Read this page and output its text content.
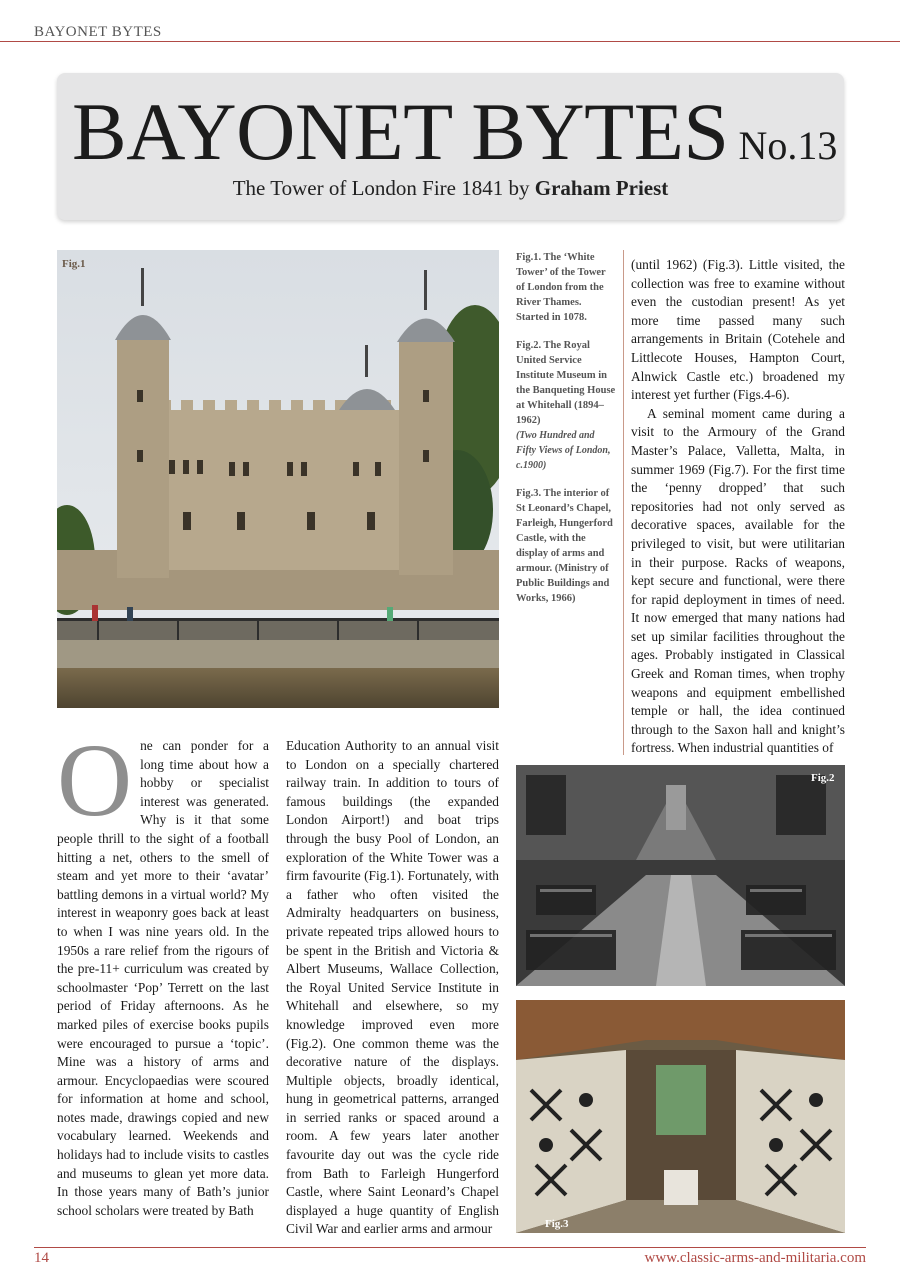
BAYONET BYTES
BAYONET BYTES No.13
The Tower of London Fire 1841 by Graham Priest
Fig.1

Fig.1. The ‘White Tower’ of the Tower of London from the River Thames. Started in 1078.

Fig.2. The Royal United Service Institute Museum in the Banqueting House at Whitehall (1894–1962)
(Two Hundred and Fifty Views of London, c.1900)

Fig.3. The interior of St Leonard’s Chapel, Farleigh, Hungerford Castle, with the display of arms and armour. (Ministry of Public Buildings and Works, 1966)

(until 1962) (Fig.3). Little visited, the collection was free to examine without even the custodian present! As yet more time passed many such arrangements in Britain (Cotehele and Littlecote Houses, Hampton Court, Alnwick Castle etc.) broadened my interest yet further (Figs.4-6).

A seminal moment came during a visit to the Armoury of the Grand Master’s Palace, Valletta, Malta, in summer 1969 (Fig.7). For the first time the ‘penny dropped’ that such repositories had not only served as decorative spaces, available for the privileged to visit, but were utilitarian in their purpose. Racks of weapons, kept secure and functional, were there for rapid deployment in times of need. It now emerged that many nations had set up similar facilities throughout the ages. Probably instigated in Classical Greek and Roman times, when trophy weapons and equipment embellished temple or hall, the idea continued through to the Saxon hall and knight’s fortress. When industrial quantities of

Fig.2
Fig.3
O ne can ponder for a long time about how a hobby or specialist interest was generated. Why is it that some people thrill to the sight of a football hitting a net, others to the smell of steam and yet more to their ‘avatar’ battling demons in a virtual world? My interest in weaponry goes back at least to when I was nine years old. In the 1950s a rare relief from the rigours of the pre-11+ curriculum was created by schoolmaster ‘Pop’ Terrett on the last period of Friday afternoons. As he marked piles of exercise books pupils were encouraged to pursue a ‘topic’. Mine was a history of arms and armour. Encyclopaedias were scoured for information at home and school, notes made, drawings copied and new vocabulary learned. Weekends and holidays had to include visits to castles and museums to glean yet more data. In those years many of Bath’s junior school scholars were treated by Bath

Education Authority to an annual visit to London on a specially chartered railway train. In addition to tours of famous buildings (the expanded London Airport!) and boat trips through the busy Pool of London, an exploration of the White Tower was a firm favourite (Fig.1). Fortunately, with a father who often visited the Admiralty headquarters on business, private repeated trips allowed hours to be spent in the British and Victoria & Albert Museums, Wallace Collection, the Royal United Service Institute in Whitehall and elsewhere, so my knowledge improved even more (Fig.2). One common theme was the decorative nature of the displays. Multiple objects, broadly identical, hung in geometrical patterns, arranged in serried ranks or spaced around a room. A few years later another favourite day out was the cycle ride from Bath to Farleigh Hungerford Castle, where Saint Leonard’s Chapel displayed a huge quantity of English Civil War and earlier arms and armour

14	www.classic-arms-and-militaria.com
